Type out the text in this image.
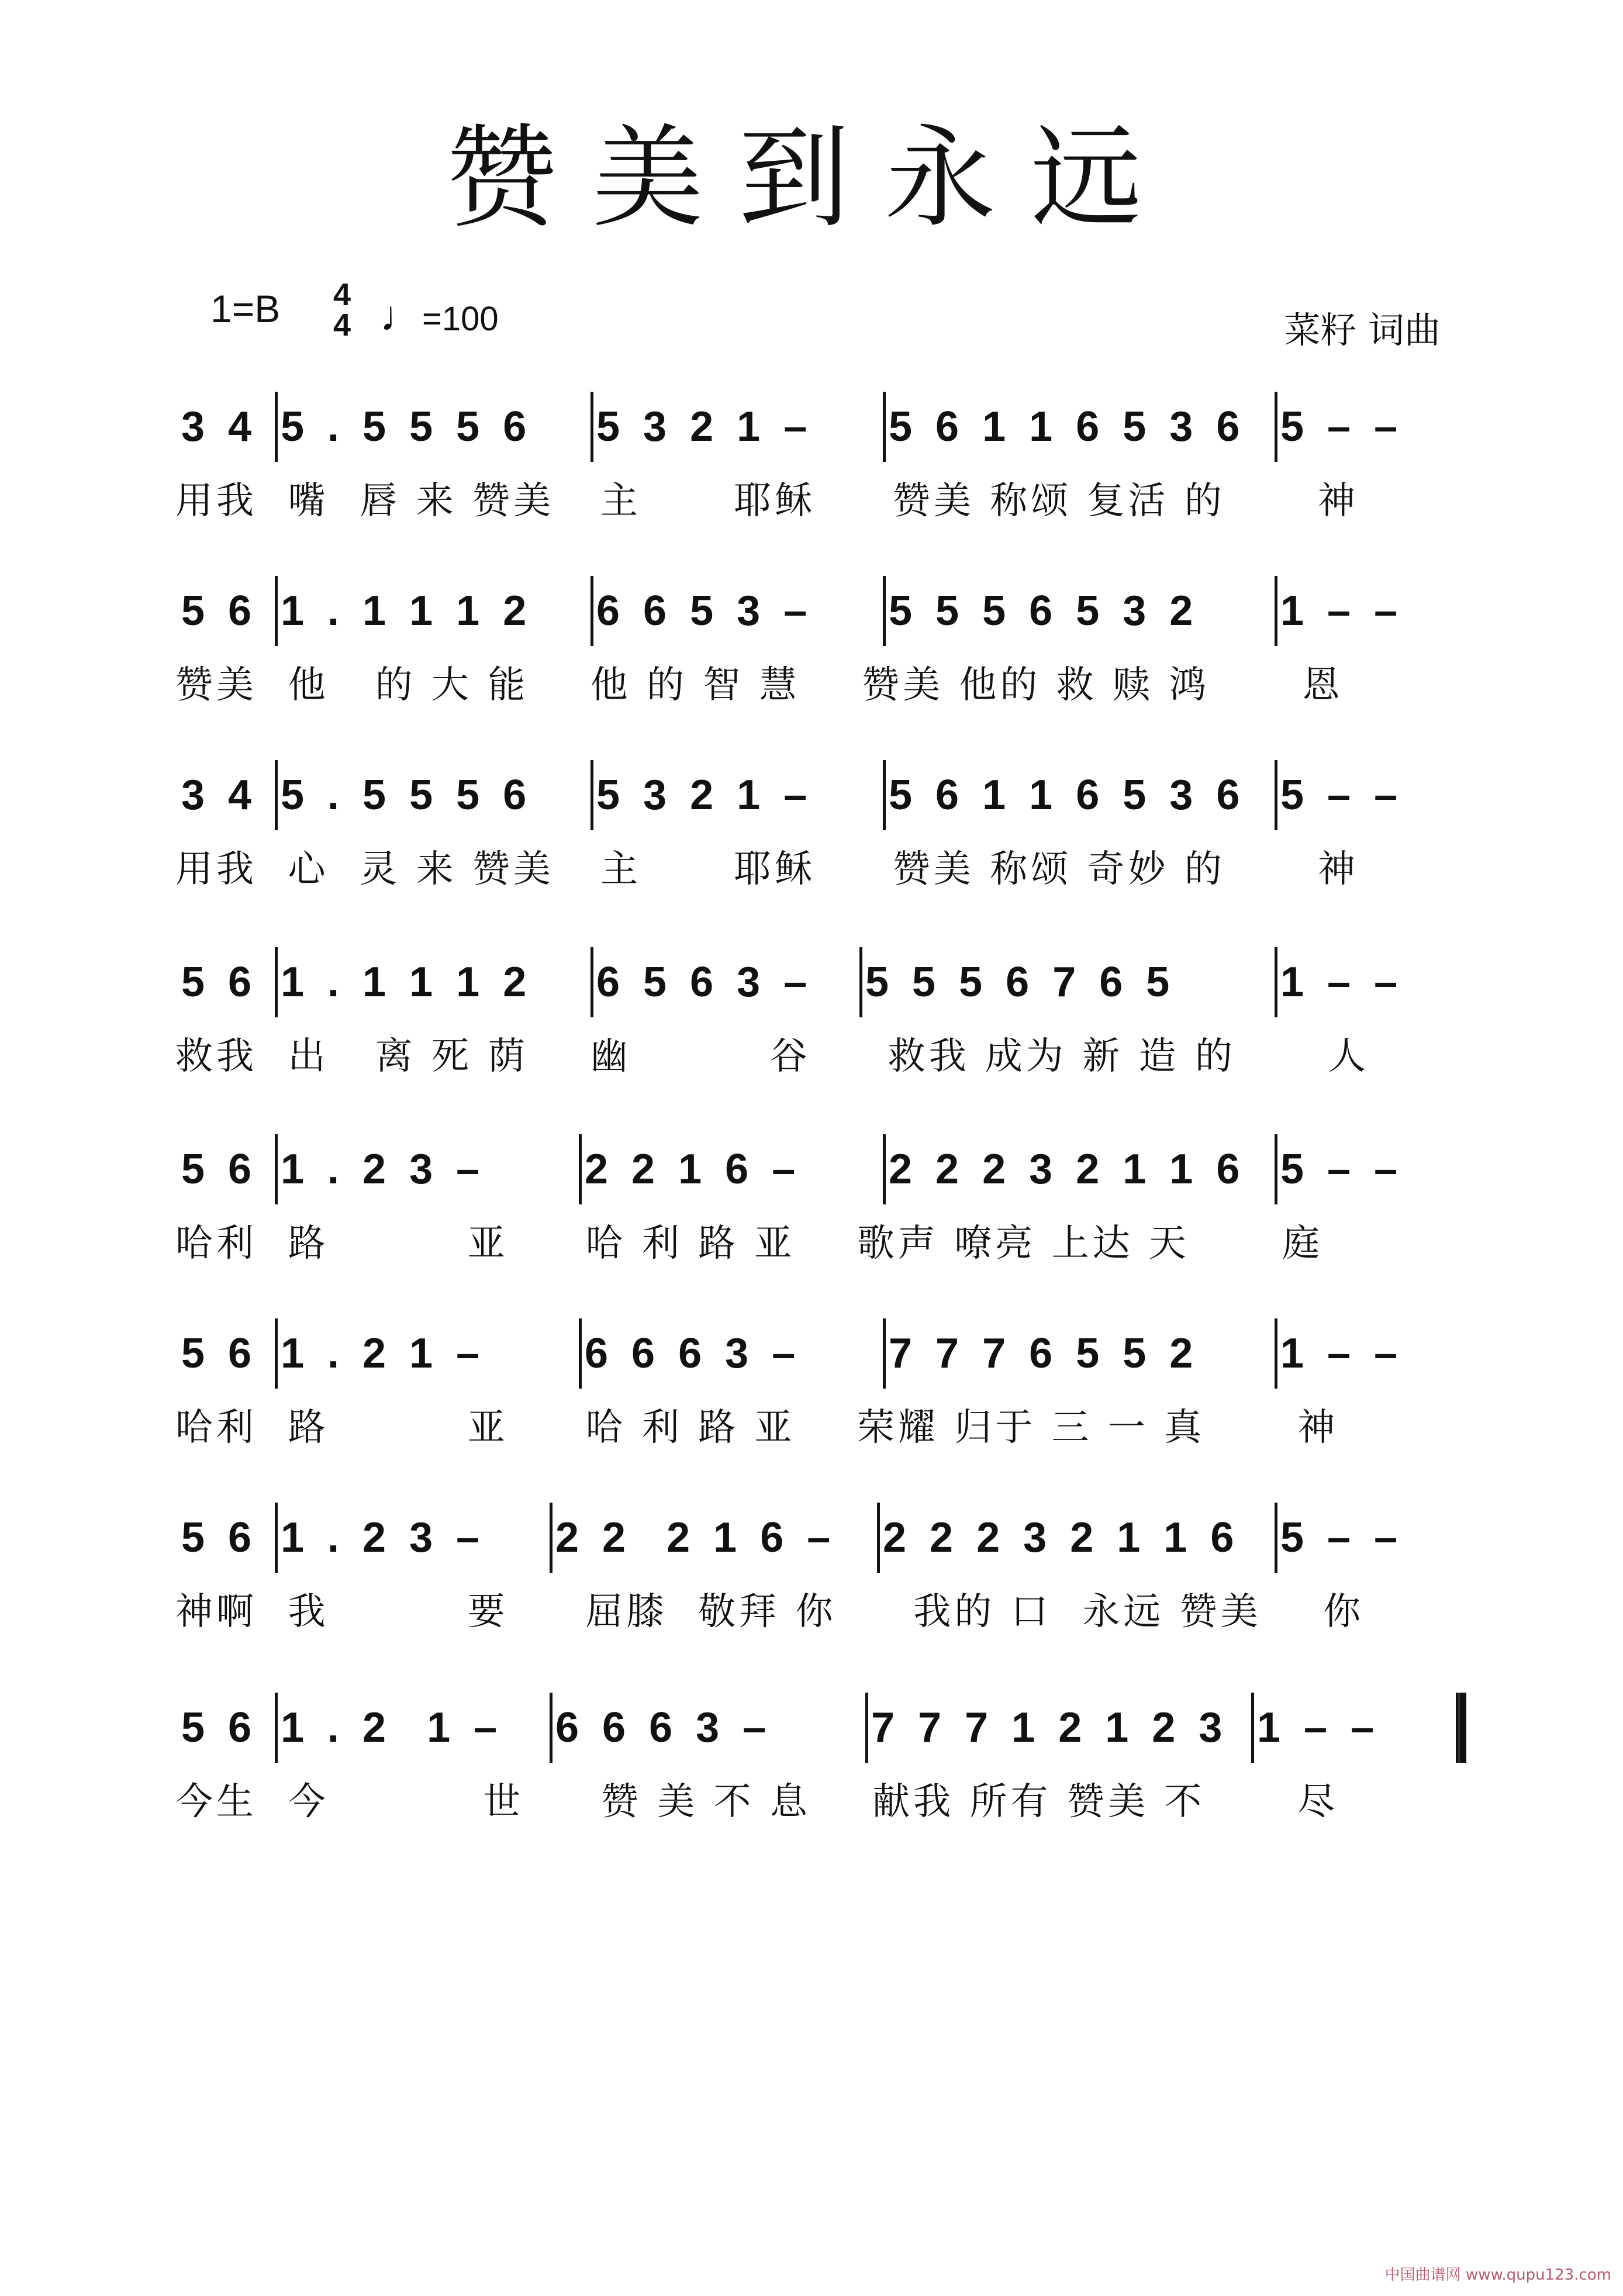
赞美到永远
1=B 4
4 ♩=100	菜籽 词曲
3 4 5 . 5 5 5 6 5 3 2 1 – 5 6 1 1 6 5 3 6 5 – –
用我  嘴  唇 来 赞美   主      耶稣     赞美 称颂 复活 的      神
5 6 1 . 1 1 1 2 6 6 5 3 – 5 5 5 6 5 3 2 1 – –
赞美  他   的 大 能    他 的 智 慧    赞美 他的 救 赎 鸿      恩
3 4 5 . 5 5 5 6 5 3 2 1 – 5 6 1 1 6 5 3 6 5 – –
用我  心  灵 来 赞美   主      耶稣     赞美 称颂 奇妙 的      神
5 6 1 . 1 1 1 2 6 5 6 3 – 5 5 5 6 7 6 5 1 – –
救我  出   离 死 荫    幽         谷     救我 成为 新 造 的      人
5 6 1 . 2 3 – 2 2 1 6 – 2 2 2 3 2 1 1 6 5 – –
哈利  路         亚     哈 利 路 亚    歌声 嘹亮 上达 天      庭
5 6 1 . 2 1 – 6 6 6 3 – 7 7 7 6 5 5 2 1 – –
哈利  路         亚     哈 利 路 亚    荣耀 归于 三 一 真      神
5 6 1 . 2 3 – 2 2  2 1 6 – 2 2 2 3 2 1 1 6 5 – –
神啊  我         要     屈膝  敬拜 你     我的 口  永远 赞美    你
5 6 1 . 2  1 – 6 6 6 3 – 7 7 7 1 2 1 2 3 1 – –
今生  今          世     赞 美 不 息    献我 所有 赞美 不      尽
中国曲谱网 www.qupu123.com
